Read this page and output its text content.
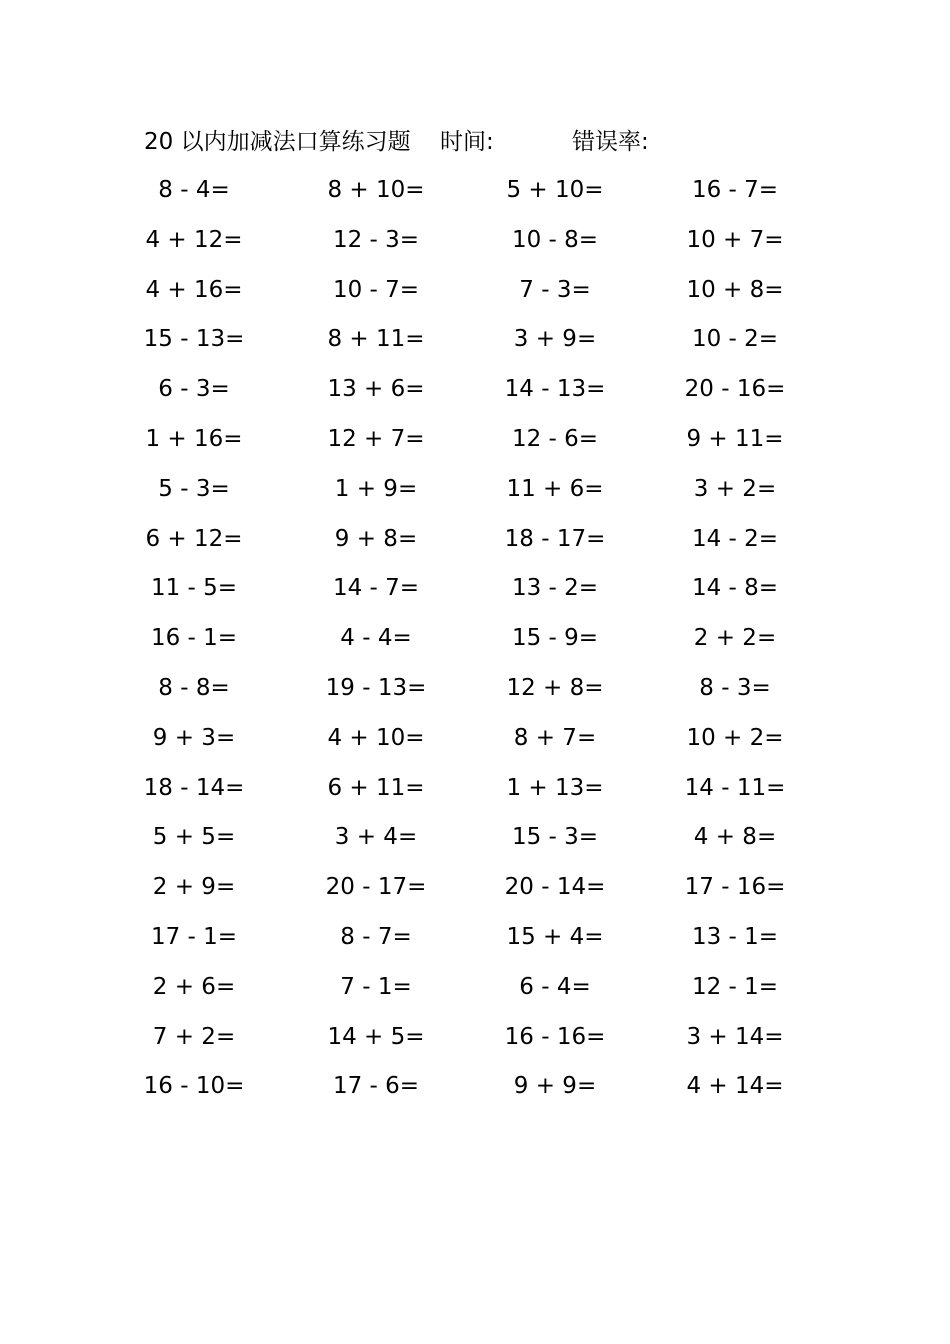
20 以内加减法口算练习题 时间:	错误率:
8 - 4=	8 + 10=	5 + 10=	16 - 7=
4 + 12=	12 - 3=	10 - 8=	10 + 7=
4 + 16=	10 - 7=	7 - 3=	10 + 8=
15 - 13=	8 + 11=	3 + 9=	10 - 2=
6 - 3=	13 + 6=	14 - 13=	20 - 16=
1 + 16=	12 + 7=	12 - 6=	9 + 11=
5 - 3=	1 + 9=	11 + 6=	3 + 2=
6 + 12=	9 + 8=	18 - 17=	14 - 2=
11 - 5=	14 - 7=	13 - 2=	14 - 8=
16 - 1=	4 - 4=	15 - 9=	2 + 2=
8 - 8=	19 - 13=	12 + 8=	8 - 3=
9 + 3=	4 + 10=	8 + 7=	10 + 2=
18 - 14=	6 + 11=	1 + 13=	14 - 11=
5 + 5=	3 + 4=	15 - 3=	4 + 8=
2 + 9=	20 - 17=	20 - 14=	17 - 16=
17 - 1=	8 - 7=	15 + 4=	13 - 1=
2 + 6=	7 - 1=	6 - 4=	12 - 1=
7 + 2=	14 + 5=	16 - 16=	3 + 14=
16 - 10=	17 - 6=	9 + 9=	4 + 14=
